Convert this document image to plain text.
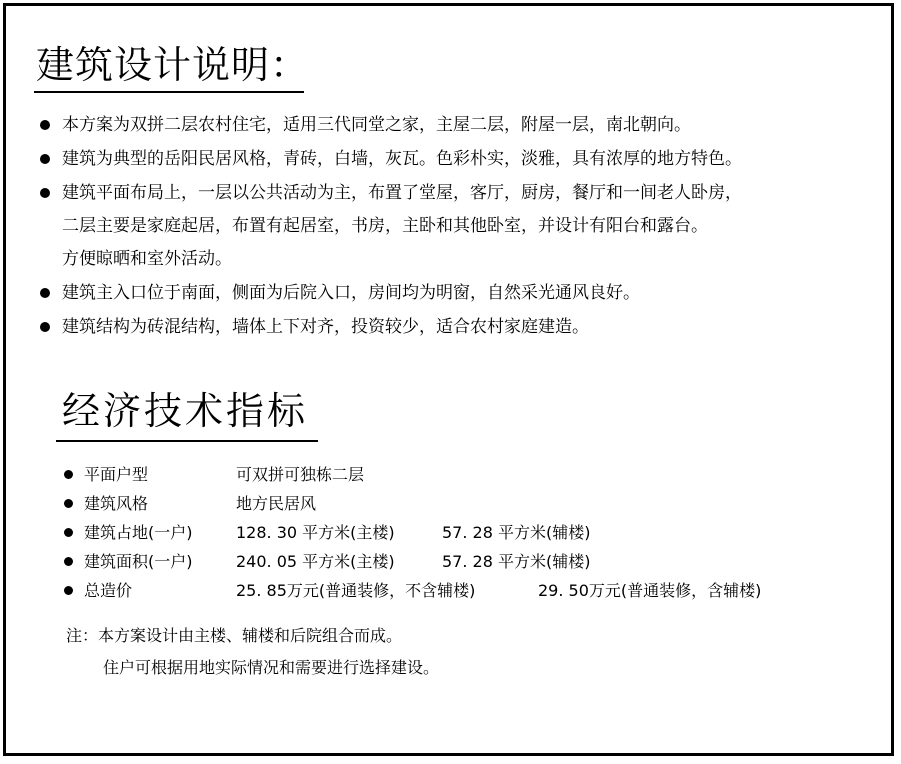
建筑设计说明：
本方案为双拼二层农村住宅，适用三代同堂之家，主屋二层，附屋一层，南北朝向。
建筑为典型的岳阳民居风格，青砖，白墙，灰瓦。色彩朴实，淡雅，具有浓厚的地方特色。
建筑平面布局上，一层以公共活动为主，布置了堂屋，客厅，厨房，餐厅和一间老人卧房，
二层主要是家庭起居，布置有起居室，书房，主卧和其他卧室，并设计有阳台和露台。
方便晾晒和室外活动。
建筑主入口位于南面，侧面为后院入口，房间均为明窗，自然采光通风良好。
建筑结构为砖混结构，墙体上下对齐，投资较少，适合农村家庭建造。
经济技术指标
平面户型	可双拼可独栋二层
建筑风格	地方民居风
建筑占地(一户)	128. 30 平方米(主楼)	57. 28 平方米(辅楼)
建筑面积(一户)	240. 05 平方米(主楼)	57. 28 平方米(辅楼)
总造价	25. 85万元(普通装修，不含辅楼)	29. 50万元(普通装修，含辅楼)
注：本方案设计由主楼、辅楼和后院组合而成。
住户可根据用地实际情况和需要进行选择建设。
